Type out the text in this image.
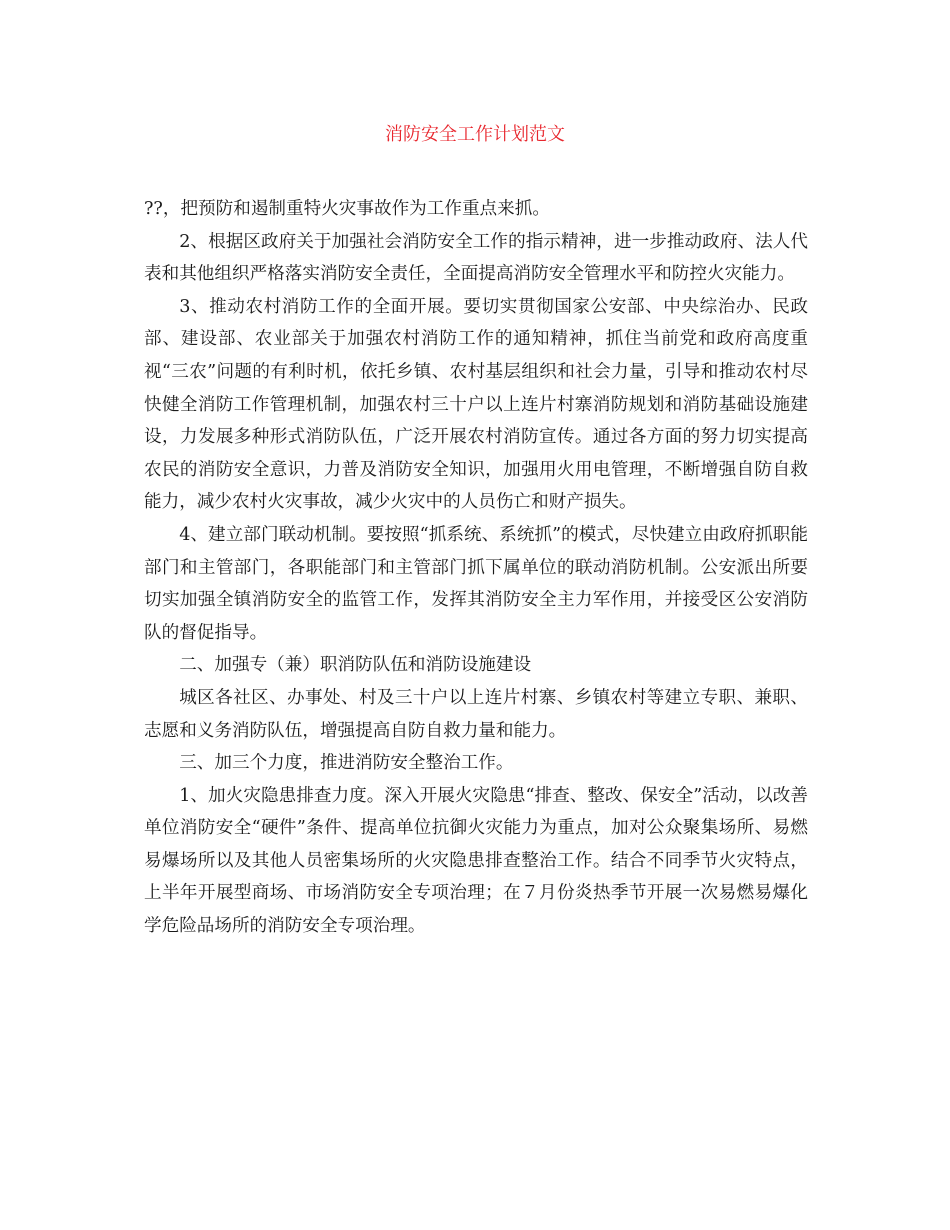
消防安全工作计划范文

??，把预防和遏制重特火灾事故作为工作重点来抓。

2、根据区政府关于加强社会消防安全工作的指示精神，进一步推动政府、法人代表和其他组织严格落实消防安全责任，全面提高消防安全管理水平和防控火灾能力。

3、推动农村消防工作的全面开展。要切实贯彻国家公安部、中央综治办、民政部、建设部、农业部关于加强农村消防工作的通知精神，抓住当前党和政府高度重视“三农”问题的有利时机，依托乡镇、农村基层组织和社会力量，引导和推动农村尽快健全消防工作管理机制，加强农村三十户以上连片村寨消防规划和消防基础设施建设，力发展多种形式消防队伍，广泛开展农村消防宣传。通过各方面的努力切实提高农民的消防安全意识，力普及消防安全知识，加强用火用电管理，不断增强自防自救能力，减少农村火灾事故，减少火灾中的人员伤亡和财产损失。

4、建立部门联动机制。要按照“抓系统、系统抓”的模式，尽快建立由政府抓职能部门和主管部门，各职能部门和主管部门抓下属单位的联动消防机制。公安派出所要切实加强全镇消防安全的监管工作，发挥其消防安全主力军作用，并接受区公安消防队的督促指导。

二、加强专（兼）职消防队伍和消防设施建设

城区各社区、办事处、村及三十户以上连片村寨、乡镇农村等建立专职、兼职、志愿和义务消防队伍，增强提高自防自救力量和能力。

三、加三个力度，推进消防安全整治工作。

1、加火灾隐患排查力度。深入开展火灾隐患“排查、整改、保安全”活动，以改善单位消防安全“硬件”条件、提高单位抗御火灾能力为重点，加对公众聚集场所、易燃易爆场所以及其他人员密集场所的火灾隐患排查整治工作。结合不同季节火灾特点，上半年开展型商场、市场消防安全专项治理；在７月份炎热季节开展一次易燃易爆化学危险品场所的消防安全专项治理。
